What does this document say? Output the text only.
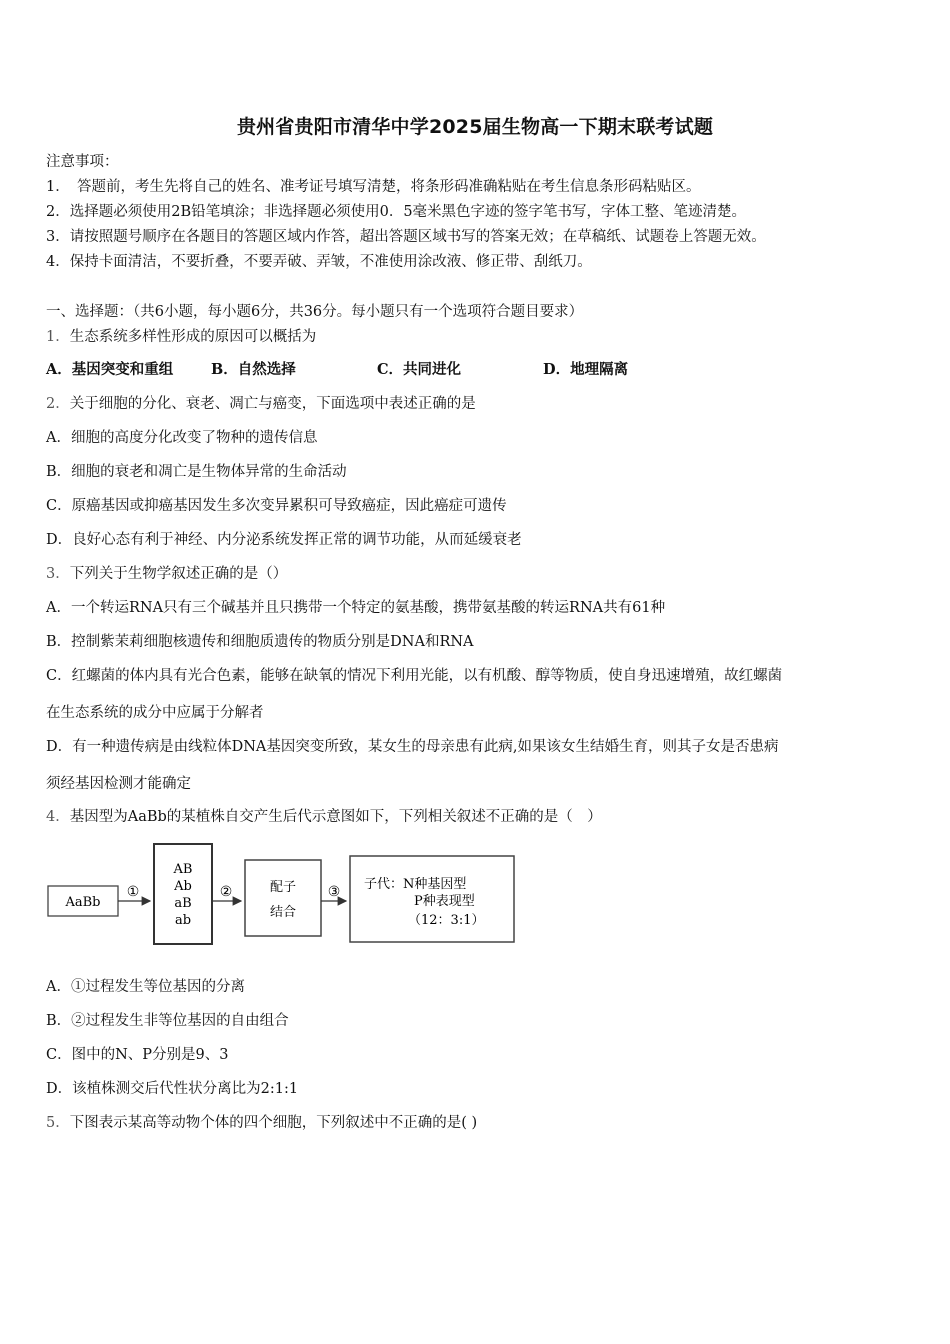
贵州省贵阳市清华中学2025届生物高一下期末联考试题
注意事项：
1．　答题前，考生先将自己的姓名、准考证号填写清楚，将条形码准确粘贴在考生信息条形码粘贴区。
2．选择题必须使用2B铅笔填涂；非选择题必须使用0．5毫米黑色字迹的签字笔书写，字体工整、笔迹清楚。
3．请按照题号顺序在各题目的答题区域内作答，超出答题区域书写的答案无效；在草稿纸、试题卷上答题无效。
4．保持卡面清洁，不要折叠，不要弄破、弄皱，不准使用涂改液、修正带、刮纸刀。
一、选择题：（共6小题，每小题6分，共36分。每小题只有一个选项符合题目要求）
1．生态系统多样性形成的原因可以概括为
A．基因突变和重组	B．自然选择	C．共同进化	D．地理隔离
2．关于细胞的分化、衰老、凋亡与癌变，下面选项中表述正确的是
A．细胞的高度分化改变了物种的遗传信息
B．细胞的衰老和凋亡是生物体异常的生命活动
C．原癌基因或抑癌基因发生多次变异累积可导致癌症，因此癌症可遗传
D．良好心态有利于神经、内分泌系统发挥正常的调节功能，从而延缓衰老
3．下列关于生物学叙述正确的是（）
A．一个转运RNA只有三个碱基并且只携带一个特定的氨基酸，携带氨基酸的转运RNA共有61种
B．控制紫茉莉细胞核遗传和细胞质遗传的物质分别是DNA和RNA
C．红螺菌的体内具有光合色素，能够在缺氧的情况下利用光能，以有机酸、醇等物质，使自身迅速增殖，故红螺菌
在生态系统的成分中应属于分解者
D．有一种遗传病是由线粒体DNA基因突变所致，某女生的母亲患有此病,如果该女生结婚生育，则其子女是否患病
须经基因检测才能确定
4．基因型为AaBb的某植株自交产生后代示意图如下，下列相关叙述不正确的是（　）
AaBb
①
AB
Ab
aB
ab
②	配子
结合
③ 子代：N种基因型
P种表现型
（12：3:1）
A．①过程发生等位基因的分离
B．②过程发生非等位基因的自由组合
C．图中的N、P分别是9、3
D．该植株测交后代性状分离比为2:1:1
5．下图表示某高等动物个体的四个细胞，下列叙述中不正确的是( )
